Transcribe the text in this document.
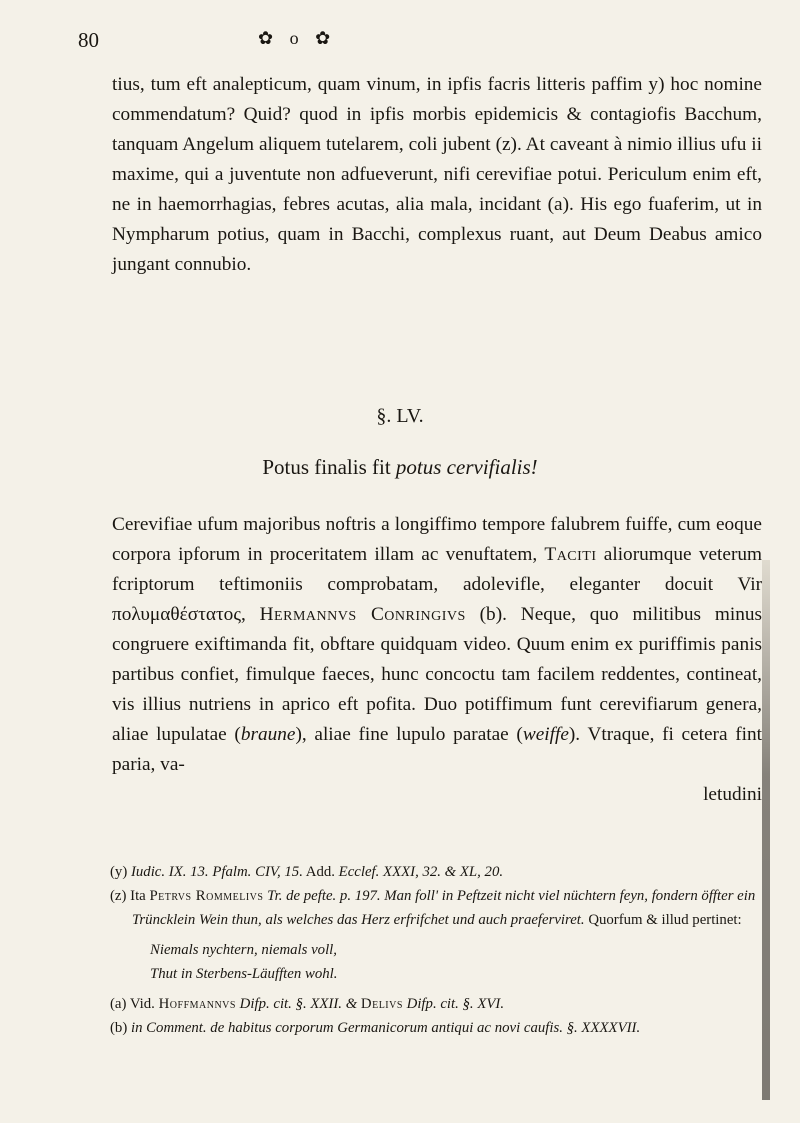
80	✿ o ✿

tius, tum eft analepticum, quam vinum, in ipfis facris litteris paffim y) hoc nomine commendatum? Quid? quod in ipfis morbis epidemicis & contagiofis Bacchum, tanquam Angelum aliquem tutelarem, coli jubent (z). At caveant à nimio illius ufu ii maxime, qui a juventute non adfueverunt, nifi cerevifiae potui. Periculum enim eft, ne in haemorrhagias, febres acutas, alia mala, incidant (a). His ego fuaferim, ut in Nympharum potius, quam in Bacchi, complexus ruant, aut Deum Deabus amico jungant connubio.

§. LV.
Potus finalis fit potus cervifialis!

Cerevifiae ufum majoribus noftris a longiffimo tempore falubrem fuiffe, cum eoque corpora ipforum in proceritatem illam ac venuftatem, Taciti aliorumque veterum fcriptorum teftimoniis comprobatam, adolevifle, eleganter docuit Vir πολυμαθέστατος, Hermannvs Conringivs (b). Neque, quo militibus minus congruere exiftimanda fit, obftare quidquam video. Quum enim ex puriffimis panis partibus confiet, fimulque faeces, hunc concoctu tam facilem reddentes, contineat, vis illius nutriens in aprico eft pofita. Duo potiffimum funt cerevifiarum genera, aliae lupulatae (braune), aliae fine lupulo paratae (weiffe). Vtraque, fi cetera fint paria, va-

letudini

(y) Iudic. IX. 13. Pfalm. CIV, 15. Add. Ecclef. XXXI, 32. & XL, 20.

(z) Ita Petrvs Rommelivs Tr. de pefte. p. 197. Man foll' in Peftzeit nicht viel nüchtern feyn, fondern öffter ein Trüncklein Wein thun, als welches das Herz erfrifchet und auch praeferviret. Quorfum & illud pertinet:

Niemals nychtern, niemals voll,
Thut in Sterbens-Läufften wohl.

(a) Vid. Hoffmannvs Difp. cit. §. XXII. & Delivs Difp. cit. §. XVI.

(b) in Comment. de habitus corporum Germanicorum antiqui ac novi caufis. §. XXXXVII.
